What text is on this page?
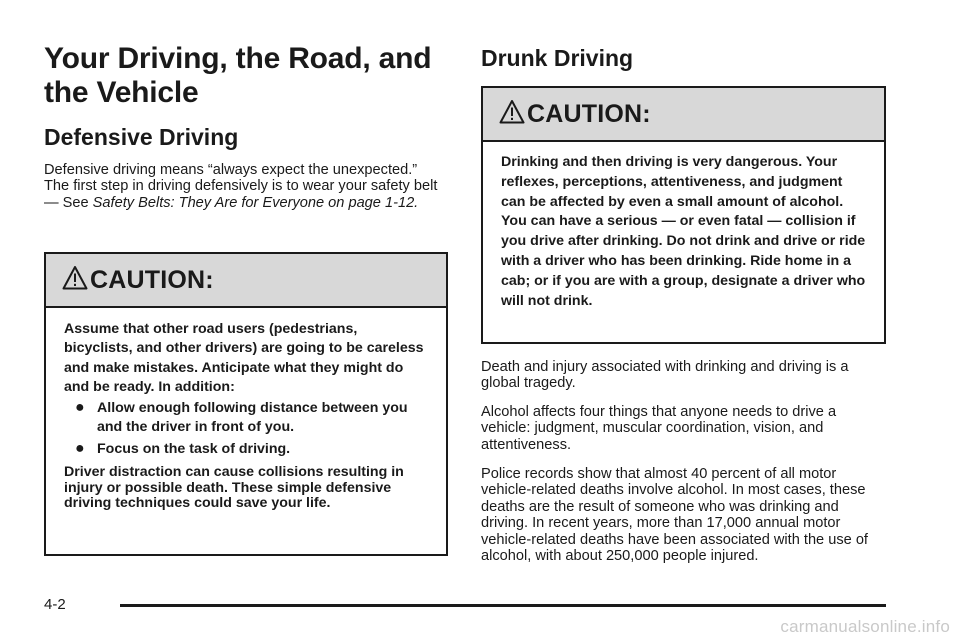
Your Driving, the Road, and the Vehicle
Defensive Driving

Defensive driving means “always expect the unexpected.” The first step in driving defensively is to wear your safety belt — See Safety Belts: They Are for Everyone on page 1-12.

CAUTION:

Assume that other road users (pedestrians, bicyclists, and other drivers) are going to be careless and make mistakes. Anticipate what they might do and be ready. In addition:

● Allow enough following distance between you and the driver in front of you.
● Focus on the task of driving.

Driver distraction can cause collisions resulting in injury or possible death. These simple defensive driving techniques could save your life.

Drunk Driving
CAUTION:

Drinking and then driving is very dangerous. Your reflexes, perceptions, attentiveness, and judgment can be affected by even a small amount of alcohol. You can have a serious — or even fatal — collision if you drive after drinking. Do not drink and drive or ride with a driver who has been drinking. Ride home in a cab; or if you are with a group, designate a driver who will not drink.

Death and injury associated with drinking and driving is a global tragedy.

Alcohol affects four things that anyone needs to drive a vehicle: judgment, muscular coordination, vision, and attentiveness.

Police records show that almost 40 percent of all motor vehicle-related deaths involve alcohol. In most cases, these deaths are the result of someone who was drinking and driving. In recent years, more than 17,000 annual motor vehicle-related deaths have been associated with the use of alcohol, with about 250,000 people injured.

4-2
carmanualsonline.info
